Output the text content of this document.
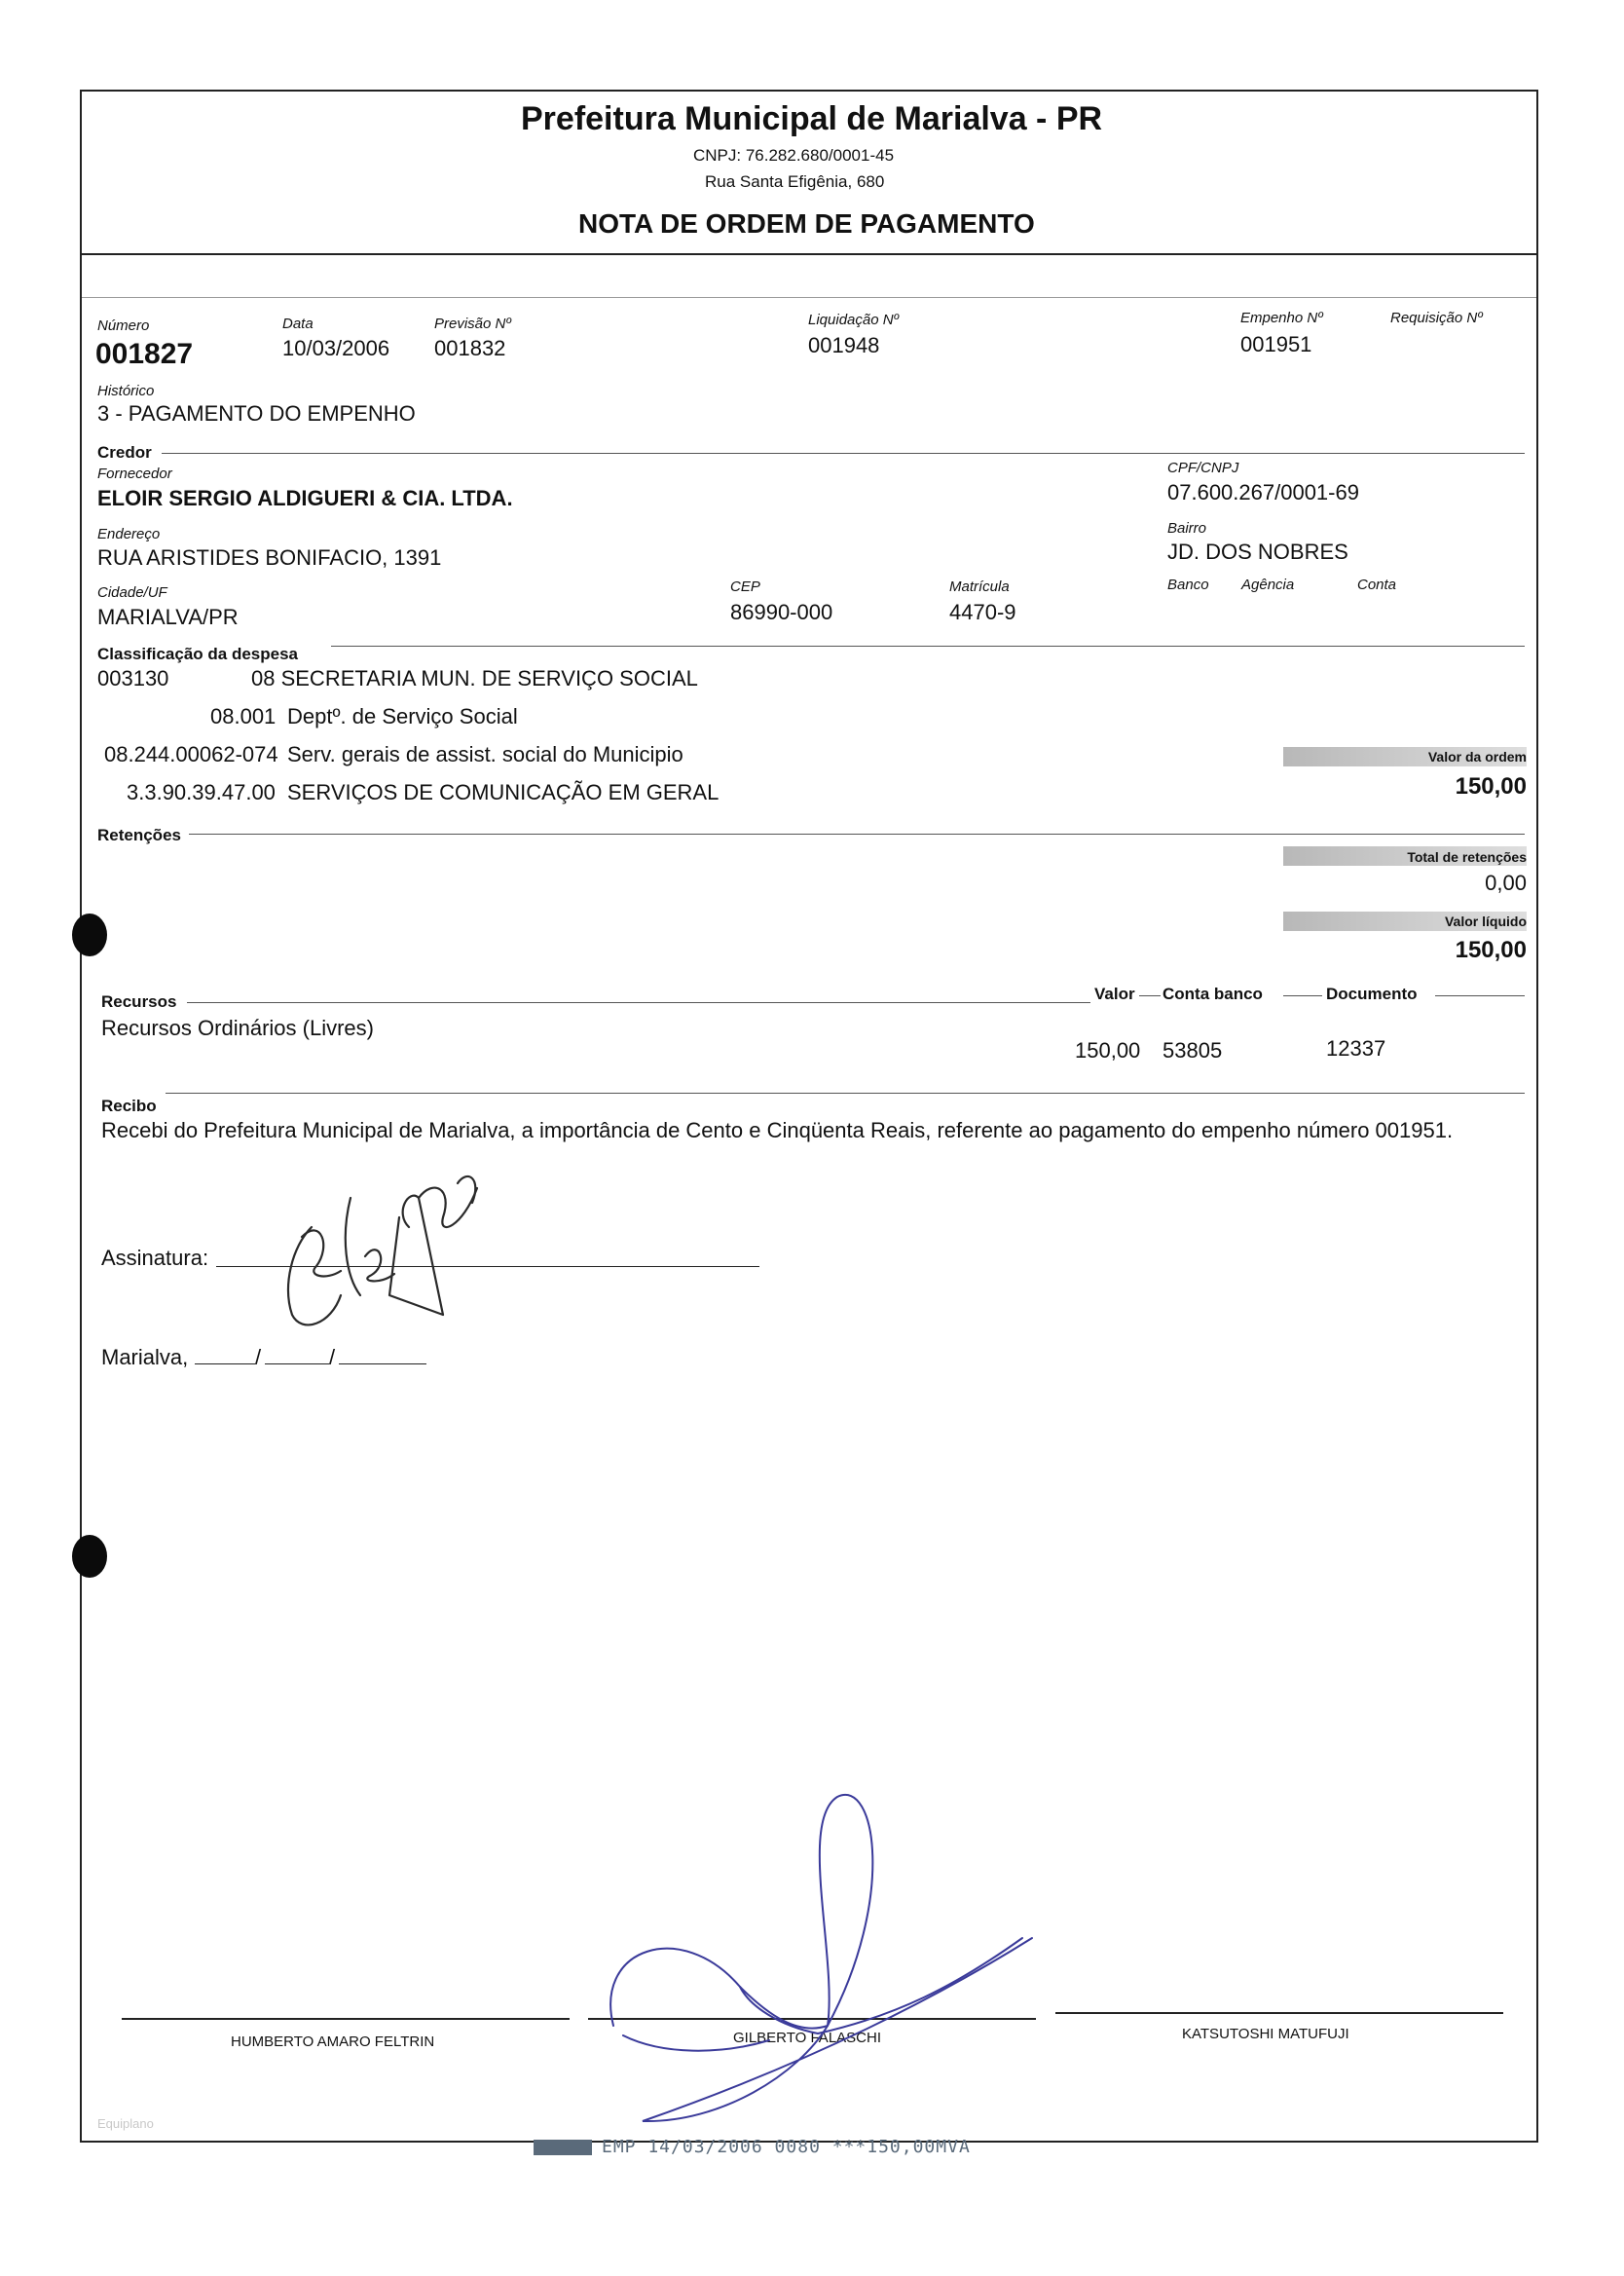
Prefeitura Municipal de Marialva - PR
CNPJ: 76.282.680/0001-45
Rua Santa Efigênia, 680
NOTA DE ORDEM DE PAGAMENTO
Número
001827
Data
10/03/2006
Previsão Nº
001832
Liquidação Nº
001948
Empenho Nº
001951
Requisição Nº
Histórico
3 - PAGAMENTO DO EMPENHO
Credor
Fornecedor
ELOIR SERGIO ALDIGUERI & CIA. LTDA.
CPF/CNPJ
07.600.267/0001-69
Endereço
RUA ARISTIDES BONIFACIO, 1391
Bairro
JD. DOS NOBRES
Cidade/UF
MARIALVA/PR
CEP
86990-000
Matrícula
4470-9
Banco Agência	Conta
Classificação da despesa
003130	08 SECRETARIA MUN. DE SERVIÇO SOCIAL
08.001 Deptº. de Serviço Social
08.244.00062-074 Serv. gerais de assist. social do Municipio
3.3.90.39.47.00 SERVIÇOS DE COMUNICAÇÃO EM GERAL
Valor da ordem
150,00
Retenções
Total de retenções
0,00
Valor líquido
150,00
Recursos	Valor Conta banco	Documento
Recursos Ordinários (Livres)
150,00 53805	12337
Recibo
Recebi do Prefeitura Municipal de Marialva, a importância de Cento e Cinqüenta Reais, referente ao pagamento do empenho número 001951.
Assinatura:
Marialva,	/	/
HUMBERTO AMARO FELTRIN	GILBERTO FALASCHI	KATSUTOSHI MATUFUJI
Equiplano
EMP 14/03/2006 0080 ***150,00MVA
